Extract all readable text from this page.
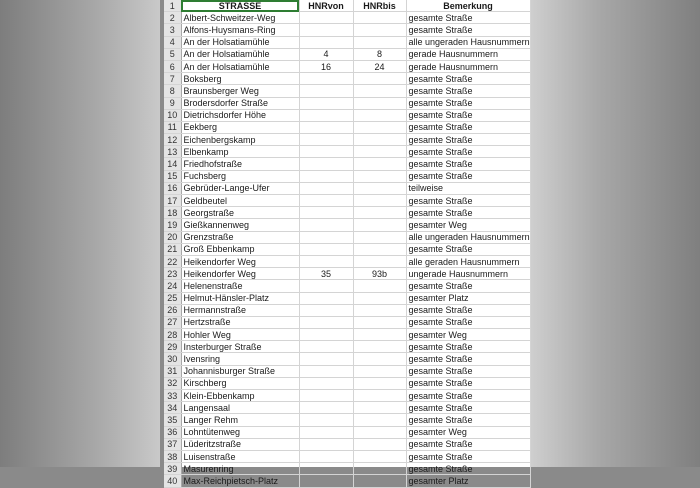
1	STRASSE	HNRvon	HNRbis	Bemerkung
2	Albert-Schweitzer-Weg			gesamte Straße
3	Alfons-Huysmans-Ring			gesamte Straße
4	An der Holsatiamühle			alle ungeraden Hausnummern
5	An der Holsatiamühle	4	8	gerade Hausnummern
6	An der Holsatiamühle	16	24	gerade Hausnummern
7	Boksberg			gesamte Straße
8	Braunsberger Weg			gesamte Straße
9	Brodersdorfer Straße			gesamte Straße
10	Dietrichsdorfer Höhe			gesamte Straße
11	Eekberg			gesamte Straße
12	Eichenbergskamp			gesamte Straße
13	Elbenkamp			gesamte Straße
14	Friedhofstraße			gesamte Straße
15	Fuchsberg			gesamte Straße
16	Gebrüder-Lange-Ufer			teilweise
17	Geldbeutel			gesamte Straße
18	Georgstraße			gesamte Straße
19	Gießkannenweg			gesamter Weg
20	Grenzstraße			alle ungeraden Hausnummern
21	Groß Ebbenkamp			gesamte Straße
22	Heikendorfer Weg			alle geraden Hausnummern
23	Heikendorfer Weg	35	93b	ungerade Hausnummern
24	Helenenstraße			gesamte Straße
25	Helmut-Hänsler-Platz			gesamter Platz
26	Hermannstraße			gesamte Straße
27	Hertzstraße			gesamte Straße
28	Hohler Weg			gesamter Weg
29	Insterburger Straße			gesamte Straße
30	Ivensring			gesamte Straße
31	Johannisburger Straße			gesamte Straße
32	Kirschberg			gesamte Straße
33	Klein-Ebbenkamp			gesamte Straße
34	Langensaal			gesamte Straße
35	Langer Rehm			gesamte Straße
36	Lohntütenweg			gesamter Weg
37	Lüderitzstraße			gesamte Straße
38	Luisenstraße			gesamte Straße
39	Masurenring			gesamte Straße
40	Max-Reichpietsch-Platz			gesamter Platz
